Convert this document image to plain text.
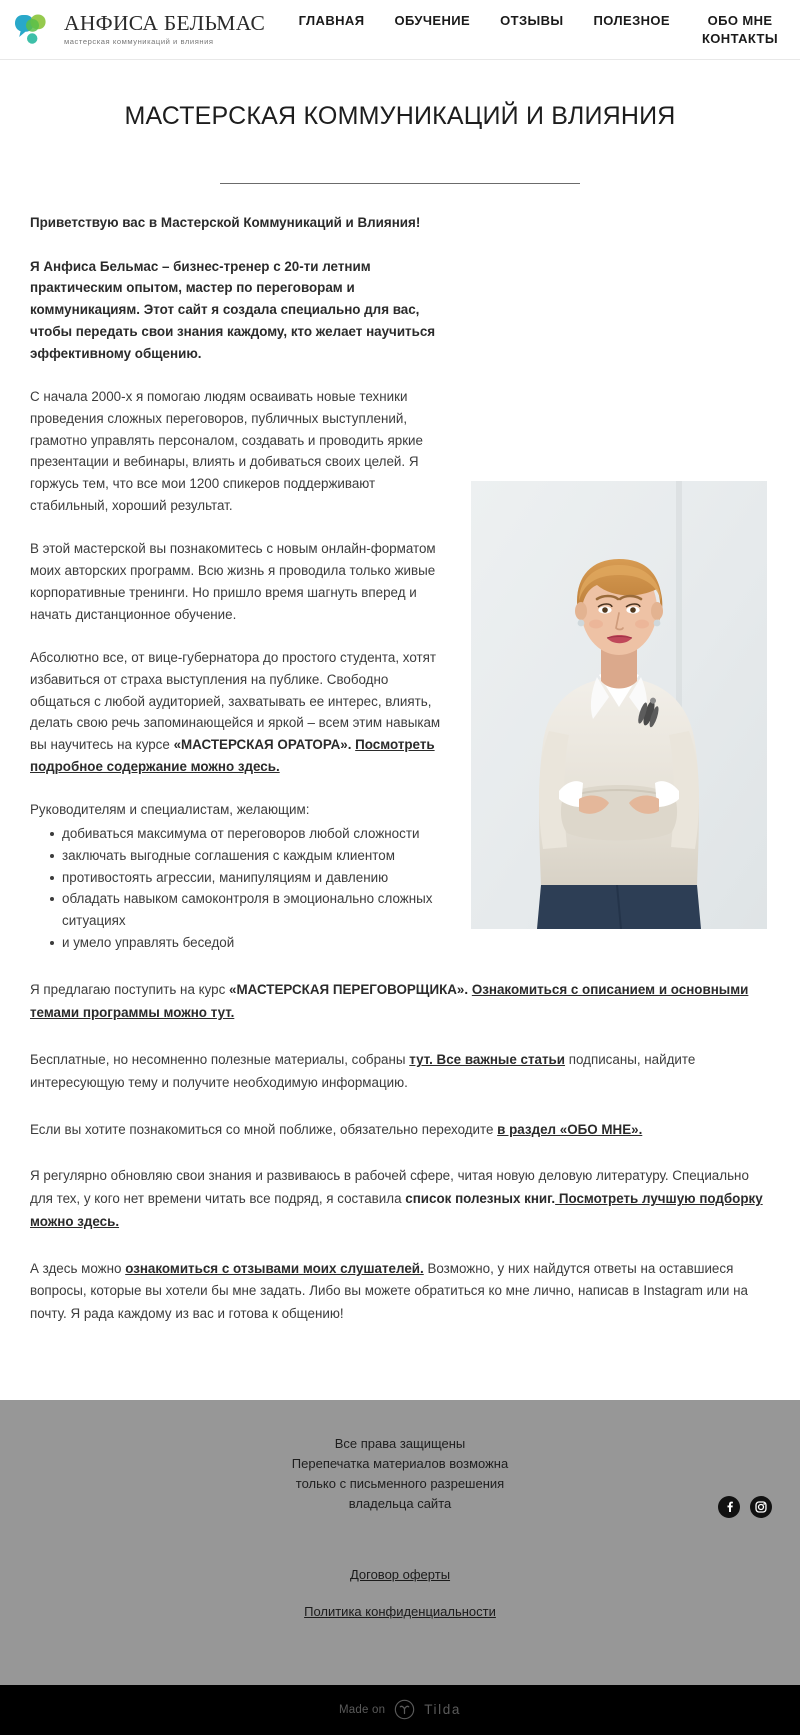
АНФИСА БЕЛЬМАС
мастерская коммуникаций и влияния
ГЛАВНАЯ ОБУЧЕНИЕ ОТЗЫВЫ ПОЛЕЗНОЕ	ОБО МНЕ КОНТАКТЫ
МАСТЕРСКАЯ КОММУНИКАЦИЙ И ВЛИЯНИЯ

Приветствую вас в Мастерской Коммуникаций и Влияния!

Я Анфиса Бельмас – бизнес-тренер с 20-ти летним практическим опытом, мастер по переговорам и коммуникациям. Этот сайт я создала специально для вас, чтобы передать свои знания каждому, кто желает научиться эффективному общению.

С начала 2000-х я помогаю людям осваивать новые техники проведения сложных переговоров, публичных выступлений, грамотно управлять персоналом, создавать и проводить яркие презентации и вебинары, влиять и добиваться своих целей. Я горжусь тем, что все мои 1200 спикеров поддерживают стабильный, хороший результат.

В этой мастерской вы познакомитесь с новым онлайн-форматом моих авторских программ. Всю жизнь я проводила только живые корпоративные тренинги. Но пришло время шагнуть вперед и начать дистанционное обучение.

Абсолютно все, от вице-губернатора до простого студента, хотят избавиться от страха выступления на публике. Свободно общаться с любой аудиторией, захватывать ее интерес, влиять, делать свою речь запоминающейся и яркой – всем этим навыкам вы научитесь на курсе «МАСТЕРСКАЯ ОРАТОРА». Посмотреть подробное содержание можно здесь.

Руководителям и специалистам, желающим:

добиваться максимума от переговоров любой сложности
заключать выгодные соглашения с каждым клиентом
противостоять агрессии, манипуляциям и давлению
обладать навыком самоконтроля в эмоционально сложных ситуациях
и умело управлять беседой

Я предлагаю поступить на курс «МАСТЕРСКАЯ ПЕРЕГОВОРЩИКА». Ознакомиться с описанием и основными темами программы можно тут.

Бесплатные, но несомненно полезные материалы, собраны тут. Все важные статьи подписаны, найдите интересующую тему и получите необходимую информацию.

Если вы хотите познакомиться со мной поближе, обязательно переходите в раздел «ОБО МНЕ».

Я регулярно обновляю свои знания и развиваюсь в рабочей сфере, читая новую деловую литературу. Специально для тех, у кого нет времени читать все подряд, я составила список полезных книг. Посмотреть лучшую подборку можно здесь.

А здесь можно ознакомиться с отзывами моих слушателей. Возможно, у них найдутся ответы на оставшиеся вопросы, которые вы хотели бы мне задать. Либо вы можете обратиться ко мне лично, написав в Instagram или на почту. Я рада каждому из вас и готова к общению!

Все права защищены
Перепечатка материалов возможна
только с письменного разрешения
владельца сайта

Договор оферты
Политика конфиденциальности
Made on	Tilda
